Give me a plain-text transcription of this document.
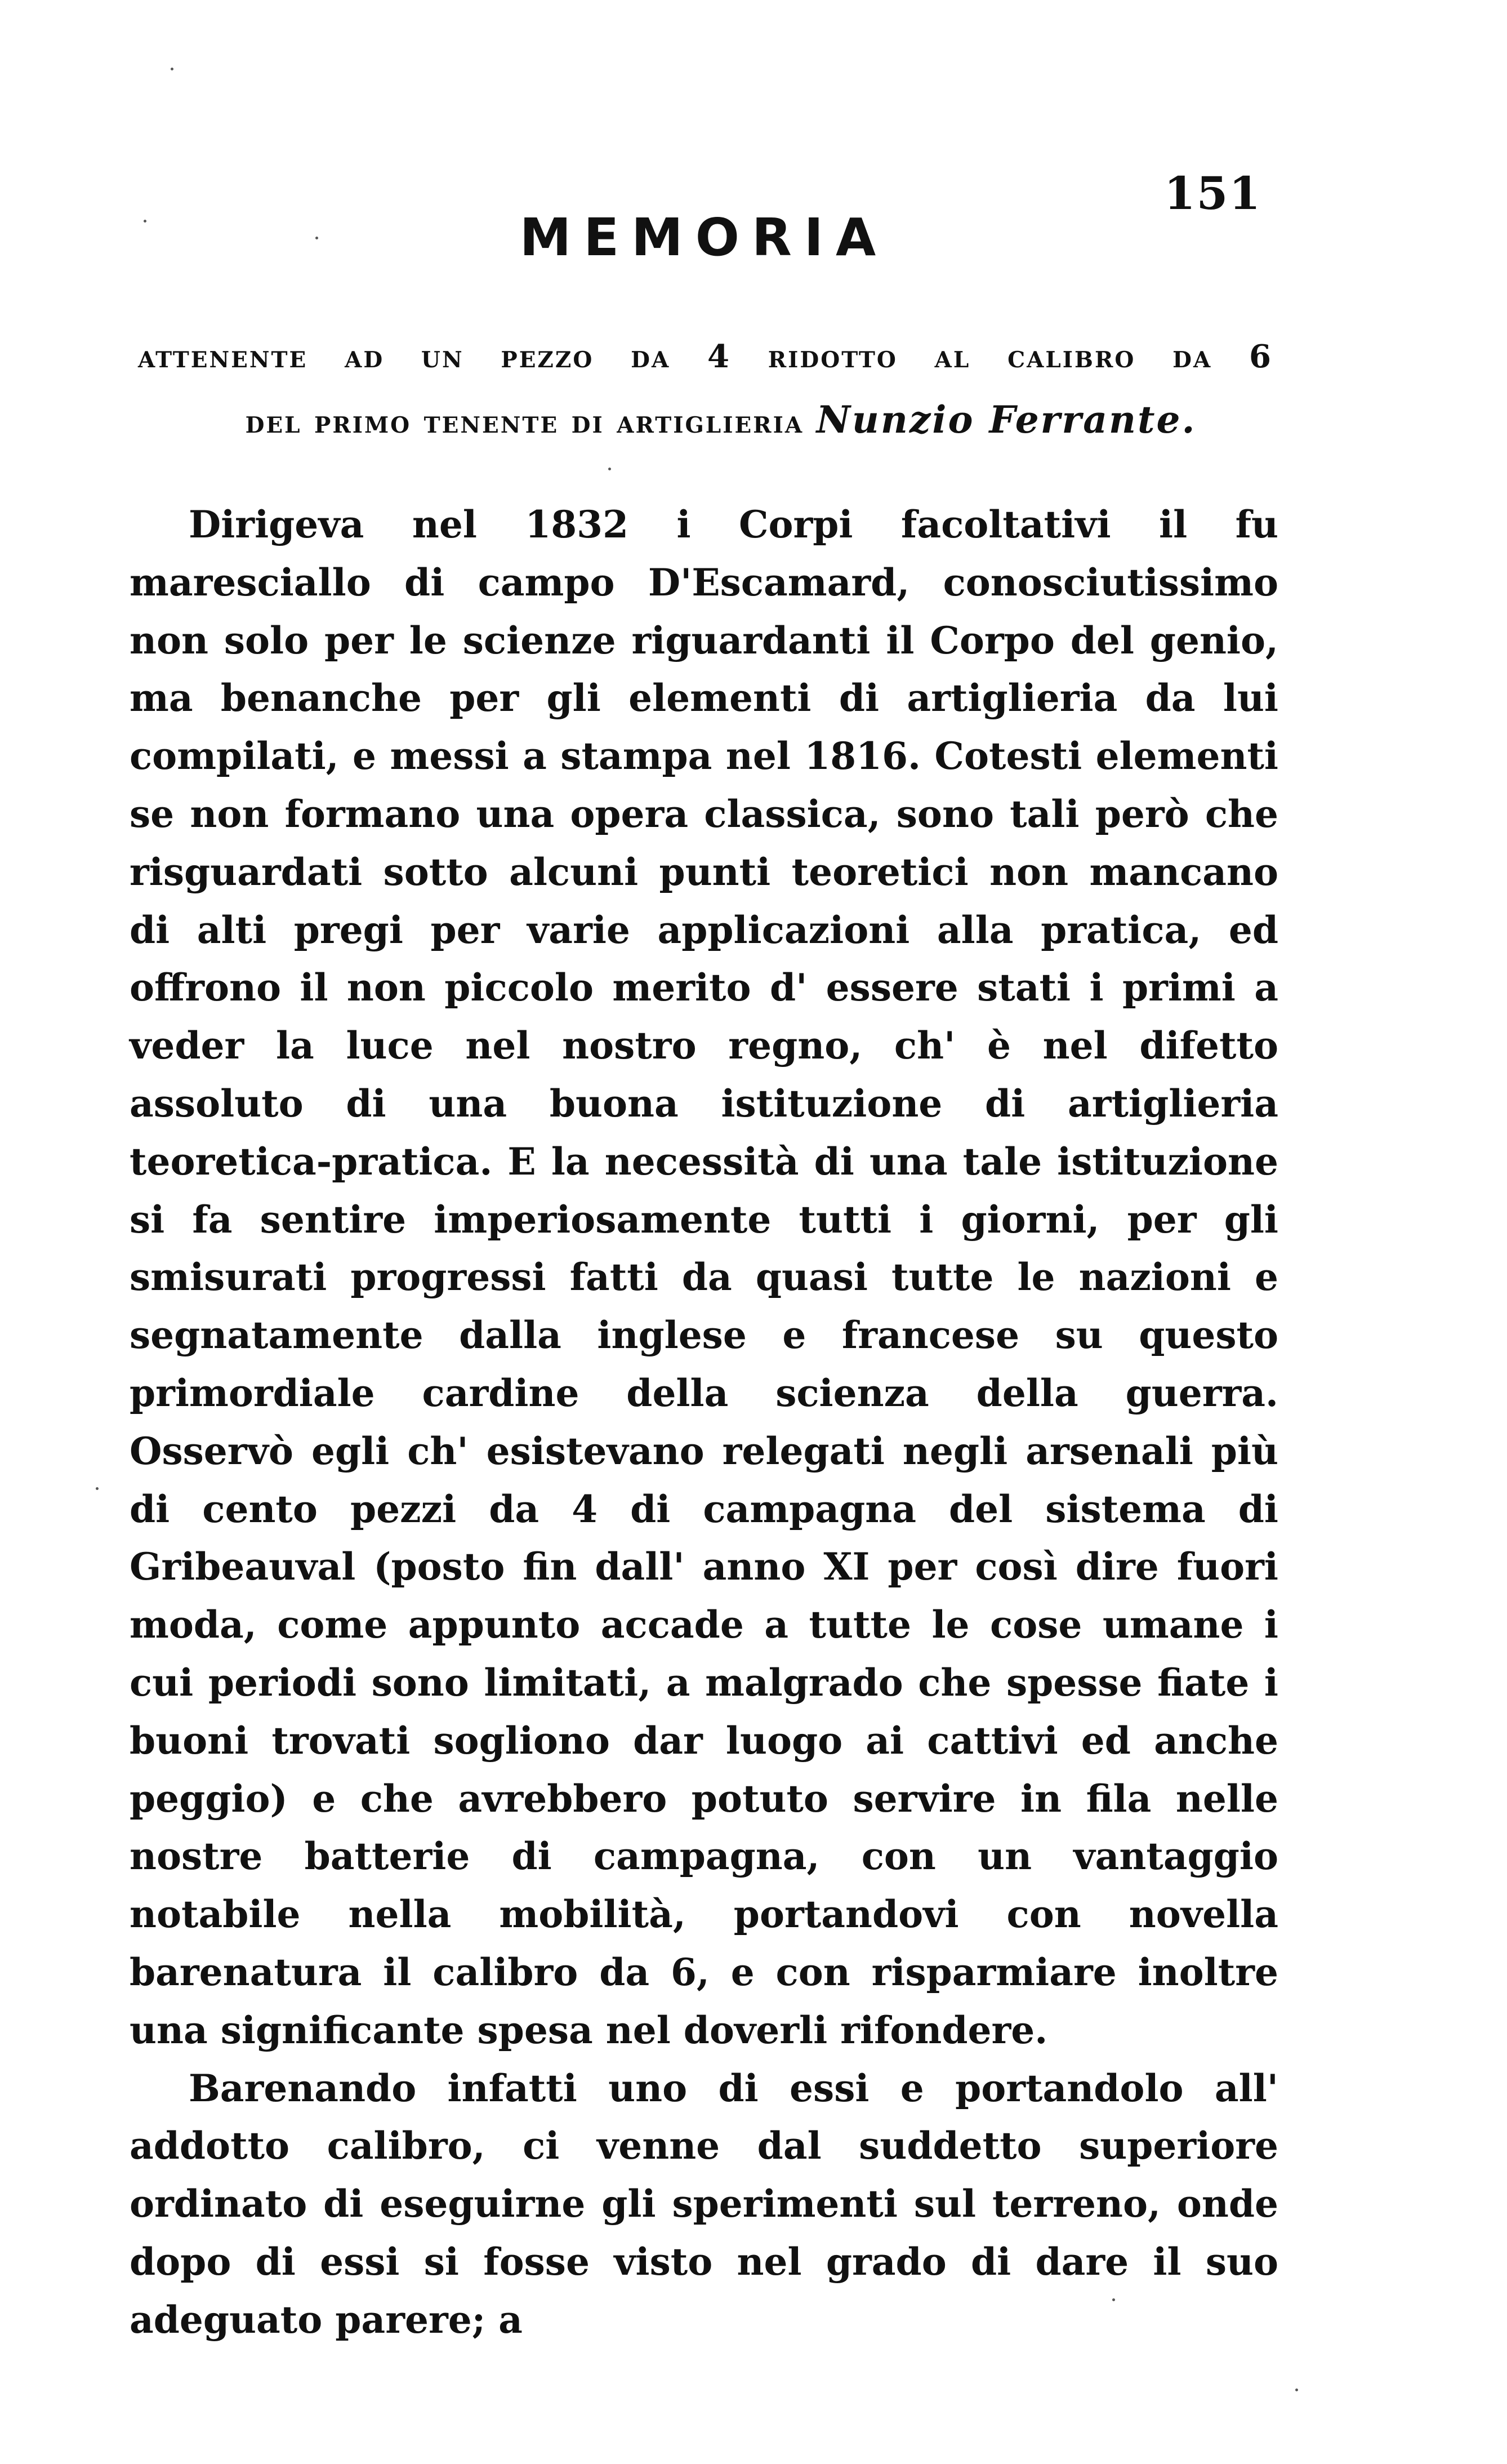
151
MEMORIA
attenente ad un pezzo da 4 ridotto al calibro da 6
del primo tenente di artiglieria Nunzio Ferrante.

Dirigeva nel 1832 i Corpi facoltativi il fu maresciallo di campo D'Escamard, conosciutissimo non solo per le scienze riguardanti il Corpo del genio, ma benanche per gli elementi di artiglieria da lui compilati, e messi a stampa nel 1816. Cotesti elementi se non formano una opera classica, sono tali però che risguardati sotto alcuni punti teoretici non mancano di alti pregi per varie applicazioni alla pratica, ed offrono il non piccolo merito d' essere stati i primi a veder la luce nel nostro regno, ch' è nel difetto assoluto di una buona istituzione di artiglieria teoretica-pratica. E la necessità di una tale istituzione si fa sentire imperiosamente tutti i giorni, per gli smisurati progressi fatti da quasi tutte le nazioni e segnatamente dalla inglese e francese su questo primordiale cardine della scienza della guerra. Osservò egli ch' esistevano relegati negli arsenali più di cento pezzi da 4 di campagna del sistema di Gribeauval (posto fin dall' anno XI per così dire fuori moda, come appunto accade a tutte le cose umane i cui periodi sono limitati, a malgrado che spesse fiate i buoni trovati sogliono dar luogo ai cattivi ed anche peggio) e che avrebbero potuto servire in fila nelle nostre batterie di campagna, con un vantaggio notabile nella mobilità, portandovi con novella barenatura il calibro da 6, e con risparmiare inoltre una significante spesa nel doverli rifondere.

Barenando infatti uno di essi e portandolo all' addotto calibro, ci venne dal suddetto superiore ordinato di eseguirne gli sperimenti sul terreno, onde dopo di essi si fosse visto nel grado di dare il suo adeguato parere; a
